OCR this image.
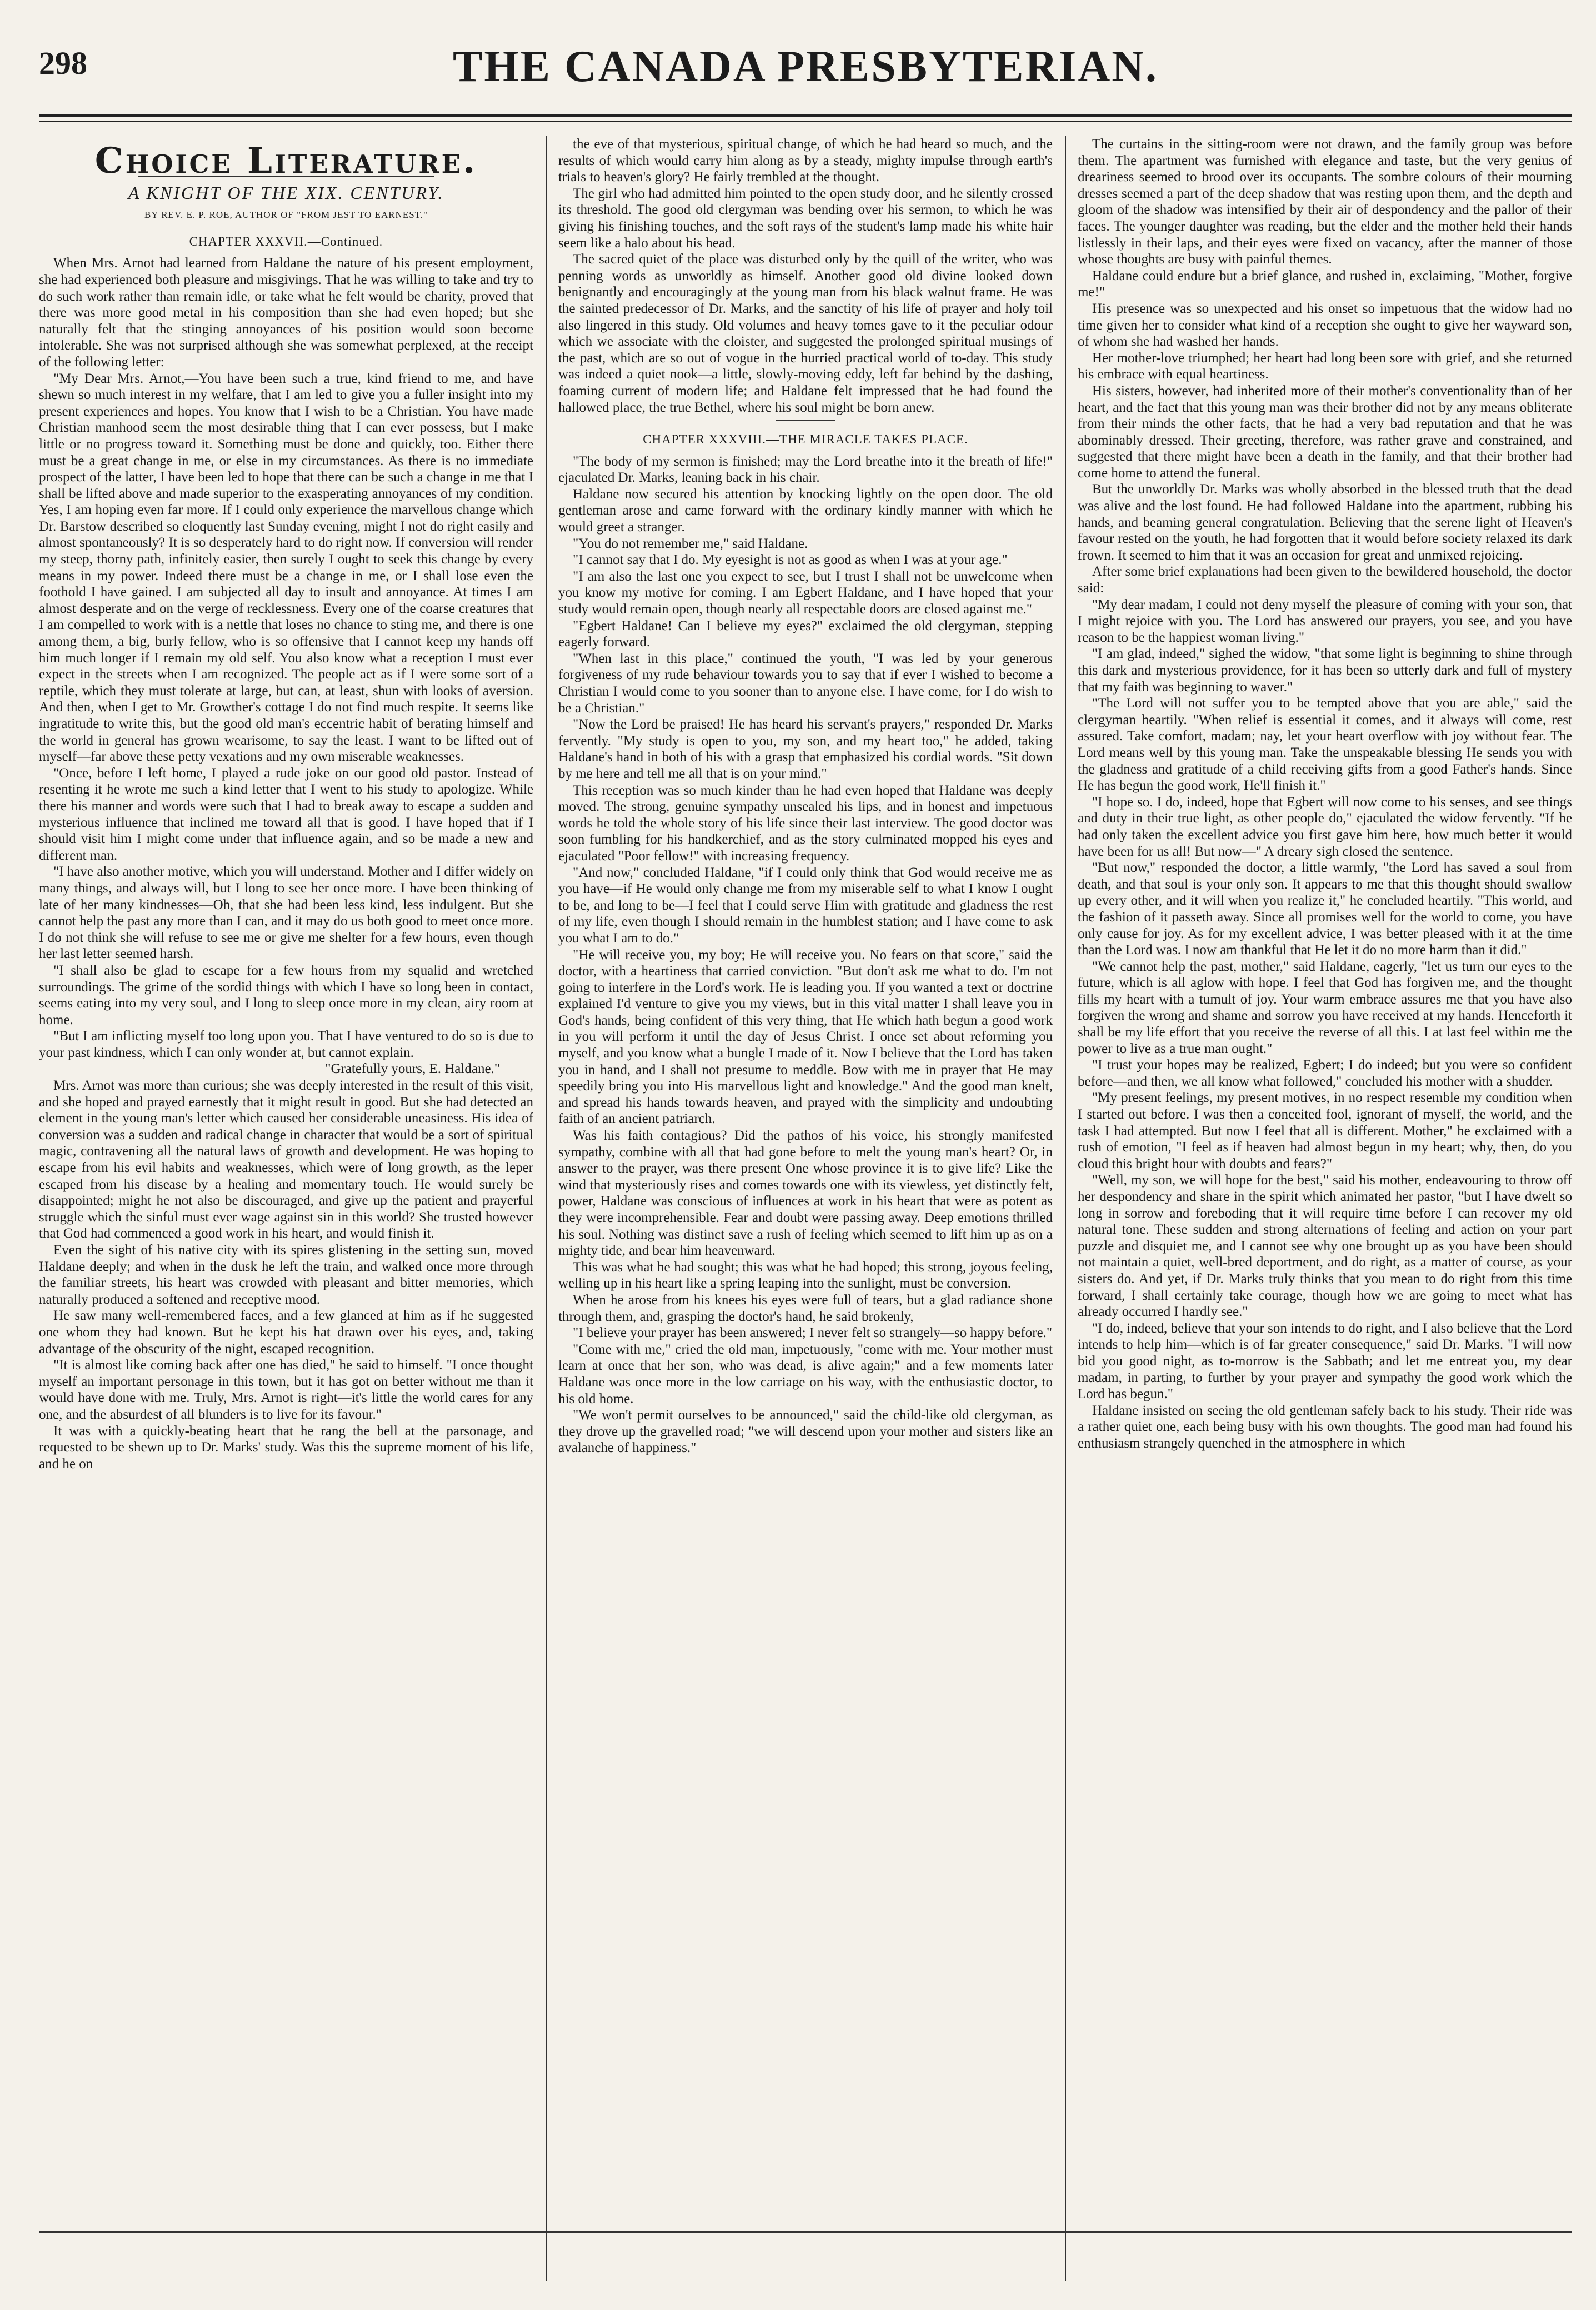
298	THE CANADA PRESBYTERIAN.
Choice Literature.
A KNIGHT OF THE XIX. CENTURY.
BY REV. E. P. ROE, AUTHOR OF "FROM JEST TO EARNEST."
CHAPTER XXXVII.—Continued.

When Mrs. Arnot had learned from Haldane the nature of his present employment, she had experienced both pleasure and misgivings. That he was willing to take and try to do such work rather than remain idle, or take what he felt would be charity, proved that there was more good metal in his composition than she had even hoped; but she naturally felt that the stinging annoyances of his position would soon become intolerable. She was not surprised although she was somewhat perplexed, at the receipt of the following letter:

"My Dear Mrs. Arnot,—You have been such a true, kind friend to me, and have shewn so much interest in my welfare, that I am led to give you a fuller insight into my present experiences and hopes. You know that I wish to be a Christian. You have made Christian manhood seem the most desirable thing that I can ever possess, but I make little or no progress toward it. Something must be done and quickly, too. Either there must be a great change in me, or else in my circumstances. As there is no immediate prospect of the latter, I have been led to hope that there can be such a change in me that I shall be lifted above and made superior to the exasperating annoyances of my condition. Yes, I am hoping even far more. If I could only experience the marvellous change which Dr. Barstow described so eloquently last Sunday evening, might I not do right easily and almost spontaneously? It is so desperately hard to do right now. If conversion will render my steep, thorny path, infinitely easier, then surely I ought to seek this change by every means in my power. Indeed there must be a change in me, or I shall lose even the foothold I have gained. I am subjected all day to insult and annoyance. At times I am almost desperate and on the verge of recklessness. Every one of the coarse creatures that I am compelled to work with is a nettle that loses no chance to sting me, and there is one among them, a big, burly fellow, who is so offensive that I cannot keep my hands off him much longer if I remain my old self. You also know what a reception I must ever expect in the streets when I am recognized. The people act as if I were some sort of a reptile, which they must tolerate at large, but can, at least, shun with looks of aversion. And then, when I get to Mr. Growther's cottage I do not find much respite. It seems like ingratitude to write this, but the good old man's eccentric habit of berating himself and the world in general has grown wearisome, to say the least. I want to be lifted out of myself—far above these petty vexations and my own miserable weaknesses.

"Once, before I left home, I played a rude joke on our good old pastor. Instead of resenting it he wrote me such a kind letter that I went to his study to apologize. While there his manner and words were such that I had to break away to escape a sudden and mysterious influence that inclined me toward all that is good. I have hoped that if I should visit him I might come under that influence again, and so be made a new and different man.

"I have also another motive, which you will understand. Mother and I differ widely on many things, and always will, but I long to see her once more. I have been thinking of late of her many kindnesses—Oh, that she had been less kind, less indulgent. But she cannot help the past any more than I can, and it may do us both good to meet once more. I do not think she will refuse to see me or give me shelter for a few hours, even though her last letter seemed harsh.

"I shall also be glad to escape for a few hours from my squalid and wretched surroundings. The grime of the sordid things with which I have so long been in contact, seems eating into my very soul, and I long to sleep once more in my clean, airy room at home.

"But I am inflicting myself too long upon you. That I have ventured to do so is due to your past kindness, which I can only wonder at, but cannot explain.

"Gratefully yours, E. Haldane."

Mrs. Arnot was more than curious; she was deeply interested in the result of this visit, and she hoped and prayed earnestly that it might result in good. But she had detected an element in the young man's letter which caused her considerable uneasiness. His idea of conversion was a sudden and radical change in character that would be a sort of spiritual magic, contravening all the natural laws of growth and development. He was hoping to escape from his evil habits and weaknesses, which were of long growth, as the leper escaped from his disease by a healing and momentary touch. He would surely be disappointed; might he not also be discouraged, and give up the patient and prayerful struggle which the sinful must ever wage against sin in this world? She trusted however that God had commenced a good work in his heart, and would finish it.

Even the sight of his native city with its spires glistening in the setting sun, moved Haldane deeply; and when in the dusk he left the train, and walked once more through the familiar streets, his heart was crowded with pleasant and bitter memories, which naturally produced a softened and receptive mood.

He saw many well-remembered faces, and a few glanced at him as if he suggested one whom they had known. But he kept his hat drawn over his eyes, and, taking advantage of the obscurity of the night, escaped recognition.

"It is almost like coming back after one has died," he said to himself. "I once thought myself an important personage in this town, but it has got on better without me than it would have done with me. Truly, Mrs. Arnot is right—it's little the world cares for any one, and the absurdest of all blunders is to live for its favour."

It was with a quickly-beating heart that he rang the bell at the parsonage, and requested to be shewn up to Dr. Marks' study. Was this the supreme moment of his life, and he on

the eve of that mysterious, spiritual change, of which he had heard so much, and the results of which would carry him along as by a steady, mighty impulse through earth's trials to heaven's glory? He fairly trembled at the thought.

The girl who had admitted him pointed to the open study door, and he silently crossed its threshold. The good old clergyman was bending over his sermon, to which he was giving his finishing touches, and the soft rays of the student's lamp made his white hair seem like a halo about his head.

The sacred quiet of the place was disturbed only by the quill of the writer, who was penning words as unworldly as himself. Another good old divine looked down benignantly and encouragingly at the young man from his black walnut frame. He was the sainted predecessor of Dr. Marks, and the sanctity of his life of prayer and holy toil also lingered in this study. Old volumes and heavy tomes gave to it the peculiar odour which we associate with the cloister, and suggested the prolonged spiritual musings of the past, which are so out of vogue in the hurried practical world of to-day. This study was indeed a quiet nook—a little, slowly-moving eddy, left far behind by the dashing, foaming current of modern life; and Haldane felt impressed that he had found the hallowed place, the true Bethel, where his soul might be born anew.

CHAPTER XXXVIII.—THE MIRACLE TAKES PLACE.

"The body of my sermon is finished; may the Lord breathe into it the breath of life!" ejaculated Dr. Marks, leaning back in his chair.

Haldane now secured his attention by knocking lightly on the open door. The old gentleman arose and came forward with the ordinary kindly manner with which he would greet a stranger.

"You do not remember me," said Haldane.

"I cannot say that I do. My eyesight is not as good as when I was at your age."

"I am also the last one you expect to see, but I trust I shall not be unwelcome when you know my motive for coming. I am Egbert Haldane, and I have hoped that your study would remain open, though nearly all respectable doors are closed against me."

"Egbert Haldane! Can I believe my eyes?" exclaimed the old clergyman, stepping eagerly forward.

"When last in this place," continued the youth, "I was led by your generous forgiveness of my rude behaviour towards you to say that if ever I wished to become a Christian I would come to you sooner than to anyone else. I have come, for I do wish to be a Christian."

"Now the Lord be praised! He has heard his servant's prayers," responded Dr. Marks fervently. "My study is open to you, my son, and my heart too," he added, taking Haldane's hand in both of his with a grasp that emphasized his cordial words. "Sit down by me here and tell me all that is on your mind."

This reception was so much kinder than he had even hoped that Haldane was deeply moved. The strong, genuine sympathy unsealed his lips, and in honest and impetuous words he told the whole story of his life since their last interview. The good doctor was soon fumbling for his handkerchief, and as the story culminated mopped his eyes and ejaculated "Poor fellow!" with increasing frequency.

"And now," concluded Haldane, "if I could only think that God would receive me as you have—if He would only change me from my miserable self to what I know I ought to be, and long to be—I feel that I could serve Him with gratitude and gladness the rest of my life, even though I should remain in the humblest station; and I have come to ask you what I am to do."

"He will receive you, my boy; He will receive you. No fears on that score," said the doctor, with a heartiness that carried conviction. "But don't ask me what to do. I'm not going to interfere in the Lord's work. He is leading you. If you wanted a text or doctrine explained I'd venture to give you my views, but in this vital matter I shall leave you in God's hands, being confident of this very thing, that He which hath begun a good work in you will perform it until the day of Jesus Christ. I once set about reforming you myself, and you know what a bungle I made of it. Now I believe that the Lord has taken you in hand, and I shall not presume to meddle. Bow with me in prayer that He may speedily bring you into His marvellous light and knowledge." And the good man knelt, and spread his hands towards heaven, and prayed with the simplicity and undoubting faith of an ancient patriarch.

Was his faith contagious? Did the pathos of his voice, his strongly manifested sympathy, combine with all that had gone before to melt the young man's heart? Or, in answer to the prayer, was there present One whose province it is to give life? Like the wind that mysteriously rises and comes towards one with its viewless, yet distinctly felt, power, Haldane was conscious of influences at work in his heart that were as potent as they were incomprehensible. Fear and doubt were passing away. Deep emotions thrilled his soul. Nothing was distinct save a rush of feeling which seemed to lift him up as on a mighty tide, and bear him heavenward.

This was what he had sought; this was what he had hoped; this strong, joyous feeling, welling up in his heart like a spring leaping into the sunlight, must be conversion.

When he arose from his knees his eyes were full of tears, but a glad radiance shone through them, and, grasping the doctor's hand, he said brokenly,

"I believe your prayer has been answered; I never felt so strangely—so happy before."

"Come with me," cried the old man, impetuously, "come with me. Your mother must learn at once that her son, who was dead, is alive again;" and a few moments later Haldane was once more in the low carriage on his way, with the enthusiastic doctor, to his old home.

"We won't permit ourselves to be announced," said the child-like old clergyman, as they drove up the gravelled road; "we will descend upon your mother and sisters like an avalanche of happiness."

The curtains in the sitting-room were not drawn, and the family group was before them. The apartment was furnished with elegance and taste, but the very genius of dreariness seemed to brood over its occupants. The sombre colours of their mourning dresses seemed a part of the deep shadow that was resting upon them, and the depth and gloom of the shadow was intensified by their air of despondency and the pallor of their faces. The younger daughter was reading, but the elder and the mother held their hands listlessly in their laps, and their eyes were fixed on vacancy, after the manner of those whose thoughts are busy with painful themes.

Haldane could endure but a brief glance, and rushed in, exclaiming, "Mother, forgive me!"

His presence was so unexpected and his onset so impetuous that the widow had no time given her to consider what kind of a reception she ought to give her wayward son, of whom she had washed her hands.

Her mother-love triumphed; her heart had long been sore with grief, and she returned his embrace with equal heartiness.

His sisters, however, had inherited more of their mother's conventionality than of her heart, and the fact that this young man was their brother did not by any means obliterate from their minds the other facts, that he had a very bad reputation and that he was abominably dressed. Their greeting, therefore, was rather grave and constrained, and suggested that there might have been a death in the family, and that their brother had come home to attend the funeral.

But the unworldly Dr. Marks was wholly absorbed in the blessed truth that the dead was alive and the lost found. He had followed Haldane into the apartment, rubbing his hands, and beaming general congratulation. Believing that the serene light of Heaven's favour rested on the youth, he had forgotten that it would before society relaxed its dark frown. It seemed to him that it was an occasion for great and unmixed rejoicing.

After some brief explanations had been given to the bewildered household, the doctor said:

"My dear madam, I could not deny myself the pleasure of coming with your son, that I might rejoice with you. The Lord has answered our prayers, you see, and you have reason to be the happiest woman living."

"I am glad, indeed," sighed the widow, "that some light is beginning to shine through this dark and mysterious providence, for it has been so utterly dark and full of mystery that my faith was beginning to waver."

"The Lord will not suffer you to be tempted above that you are able," said the clergyman heartily. "When relief is essential it comes, and it always will come, rest assured. Take comfort, madam; nay, let your heart overflow with joy without fear. The Lord means well by this young man. Take the unspeakable blessing He sends you with the gladness and gratitude of a child receiving gifts from a good Father's hands. Since He has begun the good work, He'll finish it."

"I hope so. I do, indeed, hope that Egbert will now come to his senses, and see things and duty in their true light, as other people do," ejaculated the widow fervently. "If he had only taken the excellent advice you first gave him here, how much better it would have been for us all! But now—" A dreary sigh closed the sentence.

"But now," responded the doctor, a little warmly, "the Lord has saved a soul from death, and that soul is your only son. It appears to me that this thought should swallow up every other, and it will when you realize it," he concluded heartily. "This world, and the fashion of it passeth away. Since all promises well for the world to come, you have only cause for joy. As for my excellent advice, I was better pleased with it at the time than the Lord was. I now am thankful that He let it do no more harm than it did."

"We cannot help the past, mother," said Haldane, eagerly, "let us turn our eyes to the future, which is all aglow with hope. I feel that God has forgiven me, and the thought fills my heart with a tumult of joy. Your warm embrace assures me that you have also forgiven the wrong and shame and sorrow you have received at my hands. Henceforth it shall be my life effort that you receive the reverse of all this. I at last feel within me the power to live as a true man ought."

"I trust your hopes may be realized, Egbert; I do indeed; but you were so confident before—and then, we all know what followed," concluded his mother with a shudder.

"My present feelings, my present motives, in no respect resemble my condition when I started out before. I was then a conceited fool, ignorant of myself, the world, and the task I had attempted. But now I feel that all is different. Mother," he exclaimed with a rush of emotion, "I feel as if heaven had almost begun in my heart; why, then, do you cloud this bright hour with doubts and fears?"

"Well, my son, we will hope for the best," said his mother, endeavouring to throw off her despondency and share in the spirit which animated her pastor, "but I have dwelt so long in sorrow and foreboding that it will require time before I can recover my old natural tone. These sudden and strong alternations of feeling and action on your part puzzle and disquiet me, and I cannot see why one brought up as you have been should not maintain a quiet, well-bred deportment, and do right, as a matter of course, as your sisters do. And yet, if Dr. Marks truly thinks that you mean to do right from this time forward, I shall certainly take courage, though how we are going to meet what has already occurred I hardly see."

"I do, indeed, believe that your son intends to do right, and I also believe that the Lord intends to help him—which is of far greater consequence," said Dr. Marks. "I will now bid you good night, as to-morrow is the Sabbath; and let me entreat you, my dear madam, in parting, to further by your prayer and sympathy the good work which the Lord has begun."

Haldane insisted on seeing the old gentleman safely back to his study. Their ride was a rather quiet one, each being busy with his own thoughts. The good man had found his enthusiasm strangely quenched in the atmosphere in which
